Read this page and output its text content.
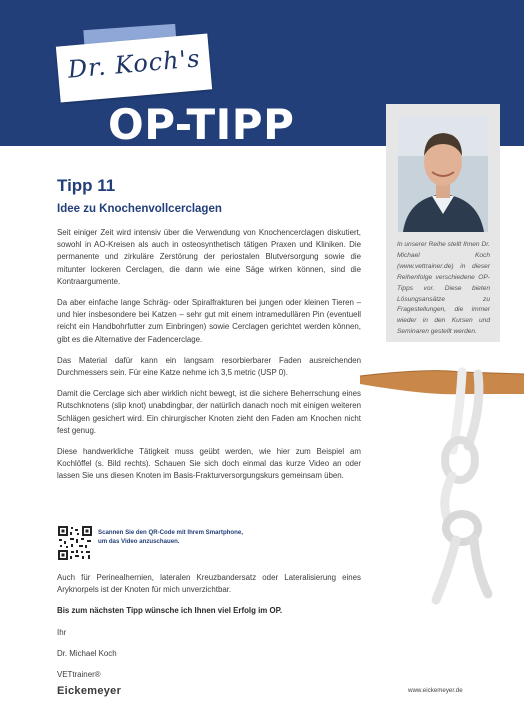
Dr. Koch's
OP-TIPP
In unserer Reihe stellt Ihnen Dr. Michael Koch (www.vettrainer.de) in dieser Reihenfolge verschiedene OP-Tipps vor. Diese bieten Lösungsansätze zu Fragestellungen, die immer wieder in den Kursen und Seminaren gestellt werden.
Tipp 11
Idee zu Knochenvollcerclagen

Seit einiger Zeit wird intensiv über die Verwendung von Knochencerclagen diskutiert, sowohl in AO-Kreisen als auch in osteosynthetisch tätigen Praxen und Kliniken. Die permanente und zirkuläre Zerstörung der periostalen Blutversorgung sowie die mitunter lockeren Cerclagen, die dann wie eine Säge wirken können, sind die Kontraargumente.

Da aber einfache lange Schräg- oder Spiralfrakturen bei jungen oder kleinen Tieren – und hier insbesondere bei Katzen – sehr gut mit einem intramedullären Pin (eventuell reicht ein Handbohrfutter zum Einbringen) sowie Cerclagen gerichtet werden können, gibt es die Alternative der Fadencerclage.

Das Material dafür kann ein langsam resorbierbarer Faden ausreichenden Durchmessers sein. Für eine Katze nehme ich 3,5 metric (USP 0).

Damit die Cerclage sich aber wirklich nicht bewegt, ist die sichere Beherrschung eines Rutschknotens (slip knot) unabdingbar, der natürlich danach noch mit einigen weiteren Schlägen gesichert wird. Ein chirurgischer Knoten zieht den Faden am Knochen nicht fest genug.

Diese handwerkliche Tätigkeit muss geübt werden, wie hier zum Beispiel am Kochlöffel (s. Bild rechts). Schauen Sie sich doch einmal das kurze Video an oder lassen Sie uns diesen Knoten im Basis-Frakturversorgungskurs gemeinsam üben.

Scannen Sie den QR-Code mit Ihrem Smartphone,
um das Video anzuschauen.

Auch für Perinealhernien, lateralen Kreuzbandersatz oder Lateralisierung eines Aryknorpels ist der Knoten für mich unverzichtbar.

Bis zum nächsten Tipp wünsche ich Ihnen viel Erfolg im OP.

Ihr

Dr. Michael Koch

VETtrainer®

Eickemeyer	www.eickemeyer.de
